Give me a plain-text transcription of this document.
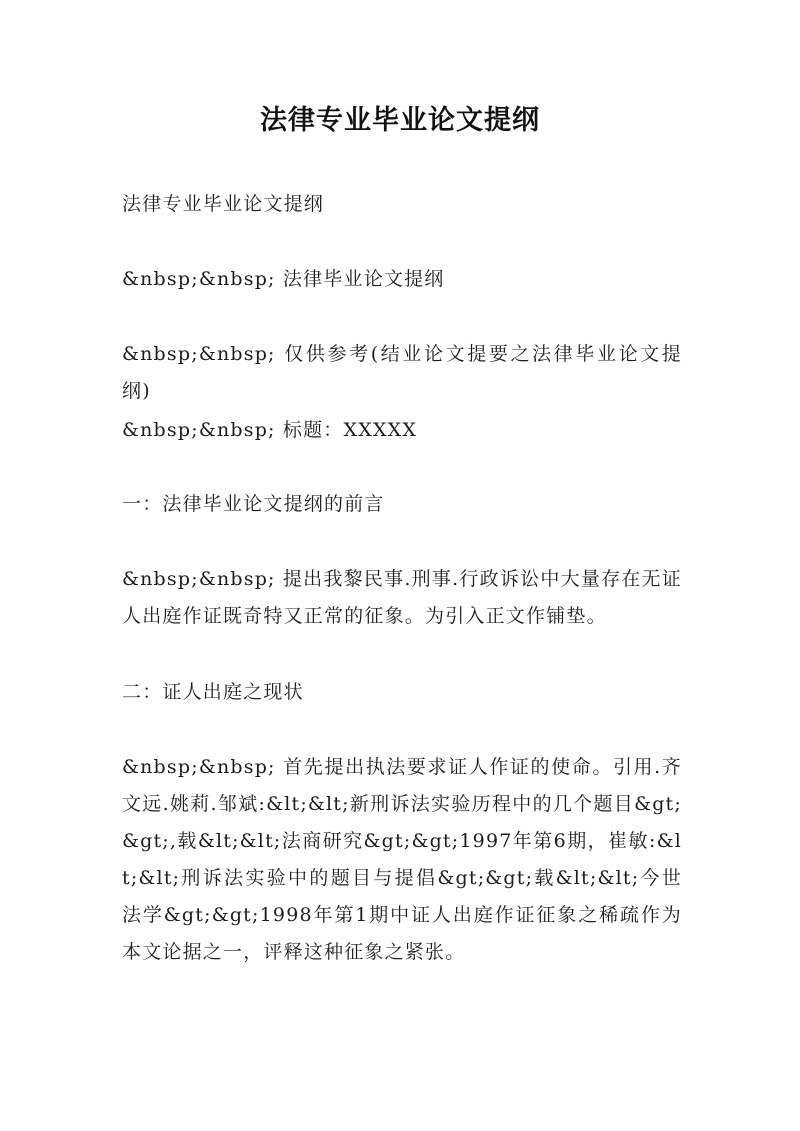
法律专业毕业论文提纲
法律专业毕业论文提纲
&nbsp;&nbsp; 法律毕业论文提纲
&nbsp;&nbsp; 仅供参考(结业论文提要之法律毕业论文提纲)
&nbsp;&nbsp; 标题：XXXXX
一：法律毕业论文提纲的前言
&nbsp;&nbsp; 提出我黎民事.刑事.行政诉讼中大量存在无证人出庭作证既奇特又正常的征象。为引入正文作铺垫。
二：证人出庭之现状
&nbsp;&nbsp; 首先提出执法要求证人作证的使命。引用.齐文远.姚莉.邹斌:&lt;&lt;新刑诉法实验历程中的几个题目&gt;&gt;,载&lt;&lt;法商研究&gt;&gt;1997年第6期，崔敏:&lt;&lt;刑诉法实验中的题目与提倡&gt;&gt;载&lt;&lt;今世法学&gt;&gt;1998年第1期中证人出庭作证征象之稀疏作为本文论据之一，评释这种征象之紧张。
